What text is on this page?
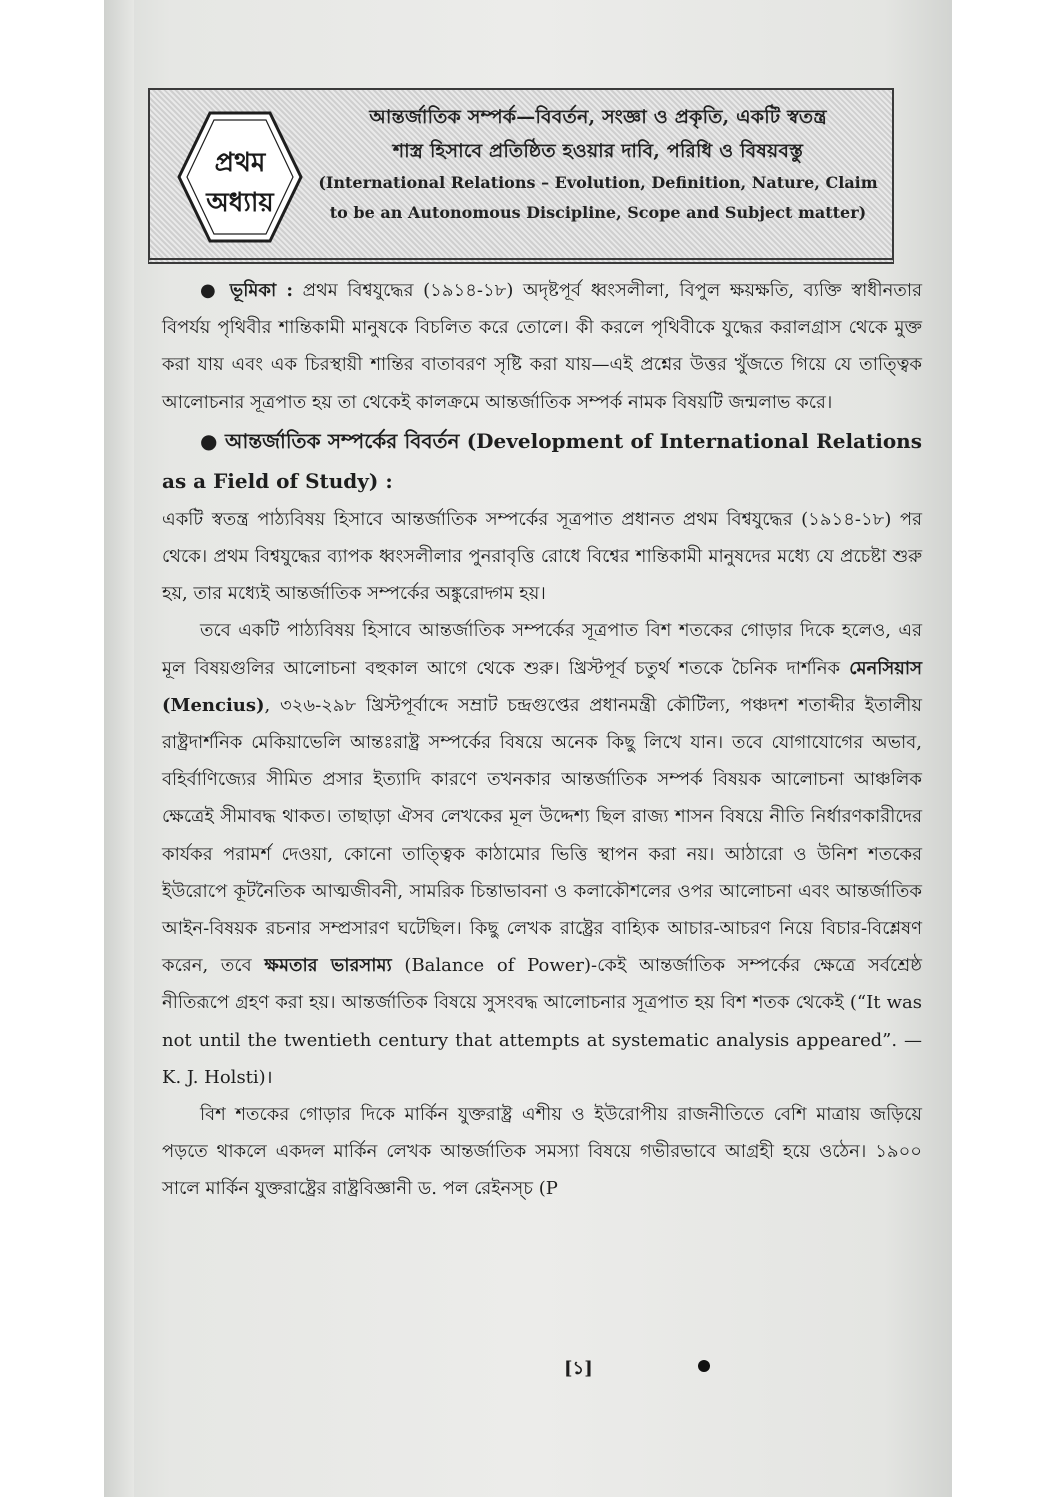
প্রথম
অধ্যায়
আন্তর্জাতিক সম্পর্ক—বিবর্তন, সংজ্ঞা ও প্রকৃতি, একটি স্বতন্ত্র
শাস্ত্র হিসাবে প্রতিষ্ঠিত হওয়ার দাবি, পরিধি ও বিষয়বস্তু
(International Relations – Evolution, Definition, Nature, Claim
to be an Autonomous Discipline, Scope and Subject matter)

● ভূমিকা : প্রথম বিশ্বযুদ্ধের (১৯১৪-১৮) অদৃষ্টপূর্ব ধ্বংসলীলা, বিপুল ক্ষয়ক্ষতি, ব্যক্তি স্বাধীনতার বিপর্যয় পৃথিবীর শান্তিকামী মানুষকে বিচলিত করে তোলে। কী করলে পৃথিবীকে যুদ্ধের করালগ্রাস থেকে মুক্ত করা যায় এবং এক চিরস্থায়ী শান্তির বাতাবরণ সৃষ্টি করা যায়—এই প্রশ্নের উত্তর খুঁজতে গিয়ে যে তাত্ত্বিক আলোচনার সূত্রপাত হয় তা থেকেই কালক্রমে আন্তর্জাতিক সম্পর্ক নামক বিষয়টি জন্মলাভ করে।

● আন্তর্জাতিক সম্পর্কের বিবর্তন (Development of International Relations as a Field of Study) :

একটি স্বতন্ত্র পাঠ্যবিষয় হিসাবে আন্তর্জাতিক সম্পর্কের সূত্রপাত প্রধানত প্রথম বিশ্বযুদ্ধের (১৯১৪-১৮) পর থেকে। প্রথম বিশ্বযুদ্ধের ব্যাপক ধ্বংসলীলার পুনরাবৃত্তি রোধে বিশ্বের শান্তিকামী মানুষদের মধ্যে যে প্রচেষ্টা শুরু হয়, তার মধ্যেই আন্তর্জাতিক সম্পর্কের অঙ্কুরোদ্গম হয়।

তবে একটি পাঠ্যবিষয় হিসাবে আন্তর্জাতিক সম্পর্কের সূত্রপাত বিশ শতকের গোড়ার দিকে হলেও, এর মূল বিষয়গুলির আলোচনা বহুকাল আগে থেকে শুরু। খ্রিস্টপূর্ব চতুর্থ শতকে চৈনিক দার্শনিক মেনসিয়াস (Mencius), ৩২৬-২৯৮ খ্রিস্টপূর্বাব্দে সম্রাট চন্দ্রগুপ্তের প্রধানমন্ত্রী কৌটিল্য, পঞ্চদশ শতাব্দীর ইতালীয় রাষ্ট্রদার্শনিক মেকিয়াভেলি আন্তঃরাষ্ট্র সম্পর্কের বিষয়ে অনেক কিছু লিখে যান। তবে যোগাযোগের অভাব, বহির্বাণিজ্যের সীমিত প্রসার ইত্যাদি কারণে তখনকার আন্তর্জাতিক সম্পর্ক বিষয়ক আলোচনা আঞ্চলিক ক্ষেত্রেই সীমাবদ্ধ থাকত। তাছাড়া ঐসব লেখকের মূল উদ্দেশ্য ছিল রাজ্য শাসন বিষয়ে নীতি নির্ধারণকারীদের কার্যকর পরামর্শ দেওয়া, কোনো তাত্ত্বিক কাঠামোর ভিত্তি স্থাপন করা নয়। আঠারো ও উনিশ শতকের ইউরোপে কূটনৈতিক আত্মজীবনী, সামরিক চিন্তাভাবনা ও কলাকৌশলের ওপর আলোচনা এবং আন্তর্জাতিক আইন-বিষয়ক রচনার সম্প্রসারণ ঘটেছিল। কিছু লেখক রাষ্ট্রের বাহ্যিক আচার-আচরণ নিয়ে বিচার-বিশ্লেষণ করেন, তবে ক্ষমতার ভারসাম্য (Balance of Power)-কেই আন্তর্জাতিক সম্পর্কের ক্ষেত্রে সর্বশ্রেষ্ঠ নীতিরূপে গ্রহণ করা হয়। আন্তর্জাতিক বিষয়ে সুসংবদ্ধ আলোচনার সূত্রপাত হয় বিশ শতক থেকেই (“It was not until the twentieth century that attempts at systematic analysis appeared”. —K. J. Holsti)।

বিশ শতকের গোড়ার দিকে মার্কিন যুক্তরাষ্ট্র এশীয় ও ইউরোপীয় রাজনীতিতে বেশি মাত্রায় জড়িয়ে পড়তে থাকলে একদল মার্কিন লেখক আন্তর্জাতিক সমস্যা বিষয়ে গভীরভাবে আগ্রহী হয়ে ওঠেন। ১৯০০ সালে মার্কিন যুক্তরাষ্ট্রের রাষ্ট্রবিজ্ঞানী ড. পল রেইনস্চ (P

[১]
